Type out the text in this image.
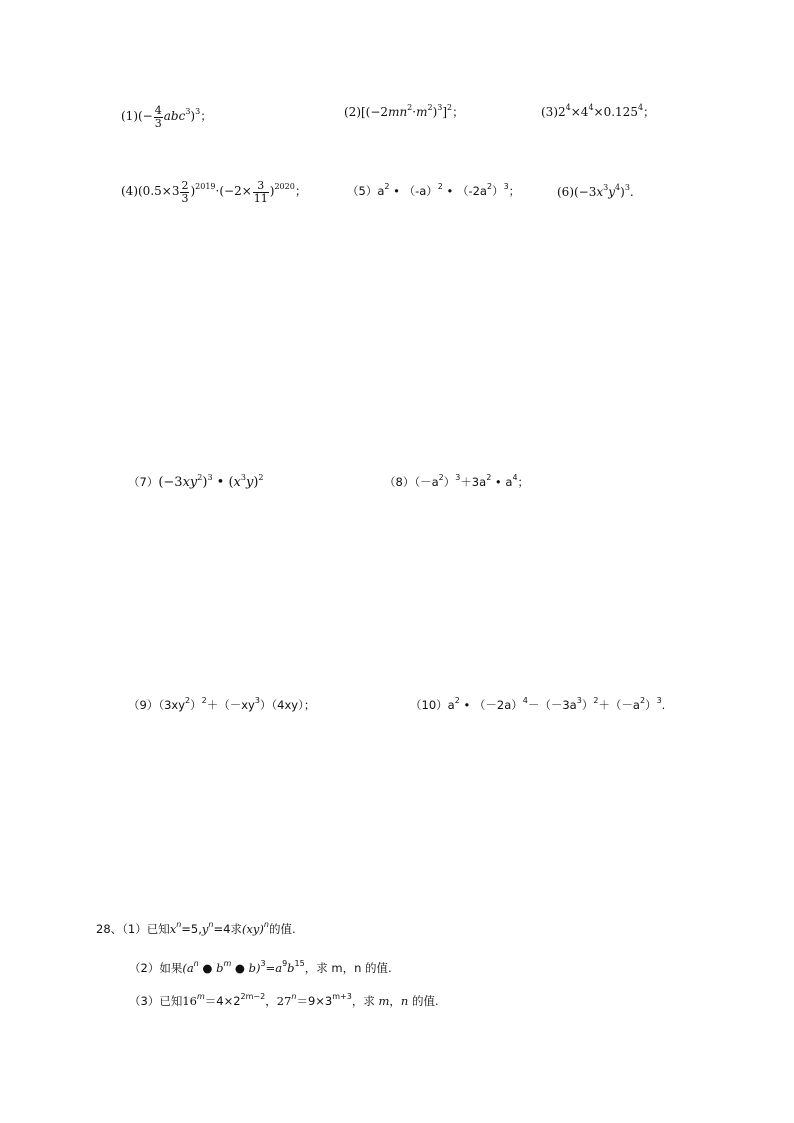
$(1)(- \frac{4}{3} abc^3)^3$；	$(2)[(-2mn^2\cdot m^2)^3]^2$；	$(3)2^4\times 4^4\times 0.125^4$；
$(4)(0.5\times 3 \frac{2}{3} )^{2019}\cdot(-2\times \frac{3}{11} )^{2020}$；	$(5)a^2$ • $(-a)^2$ • $(-2a^2)^3$；	$(6)(-3x^3y^4)^3$.
$(7)(-3xy^2)^3$ • $(x^3y)^2$	$(8)(-a^2)^3+3a^2$ • $a^4$；
$(9)(3xy^2)^2+(-xy^3)(4xy)$；	$(10)a^2$ • $(-2a)^4-(-3a^3)^2+(-a^2)^3$.
28、（1）已知$x^n=5,y^n=4$求(xy)$^n$的值.
（2）如果($a^n$ ● $b^m$ ● $b)^3=a^9b^{15}$，求 m，n 的值.
（3）已知$16^m=4\times 2^{2m-2}$，$27^n=9\times 3^{m+3}$，求 m，n 的值.
